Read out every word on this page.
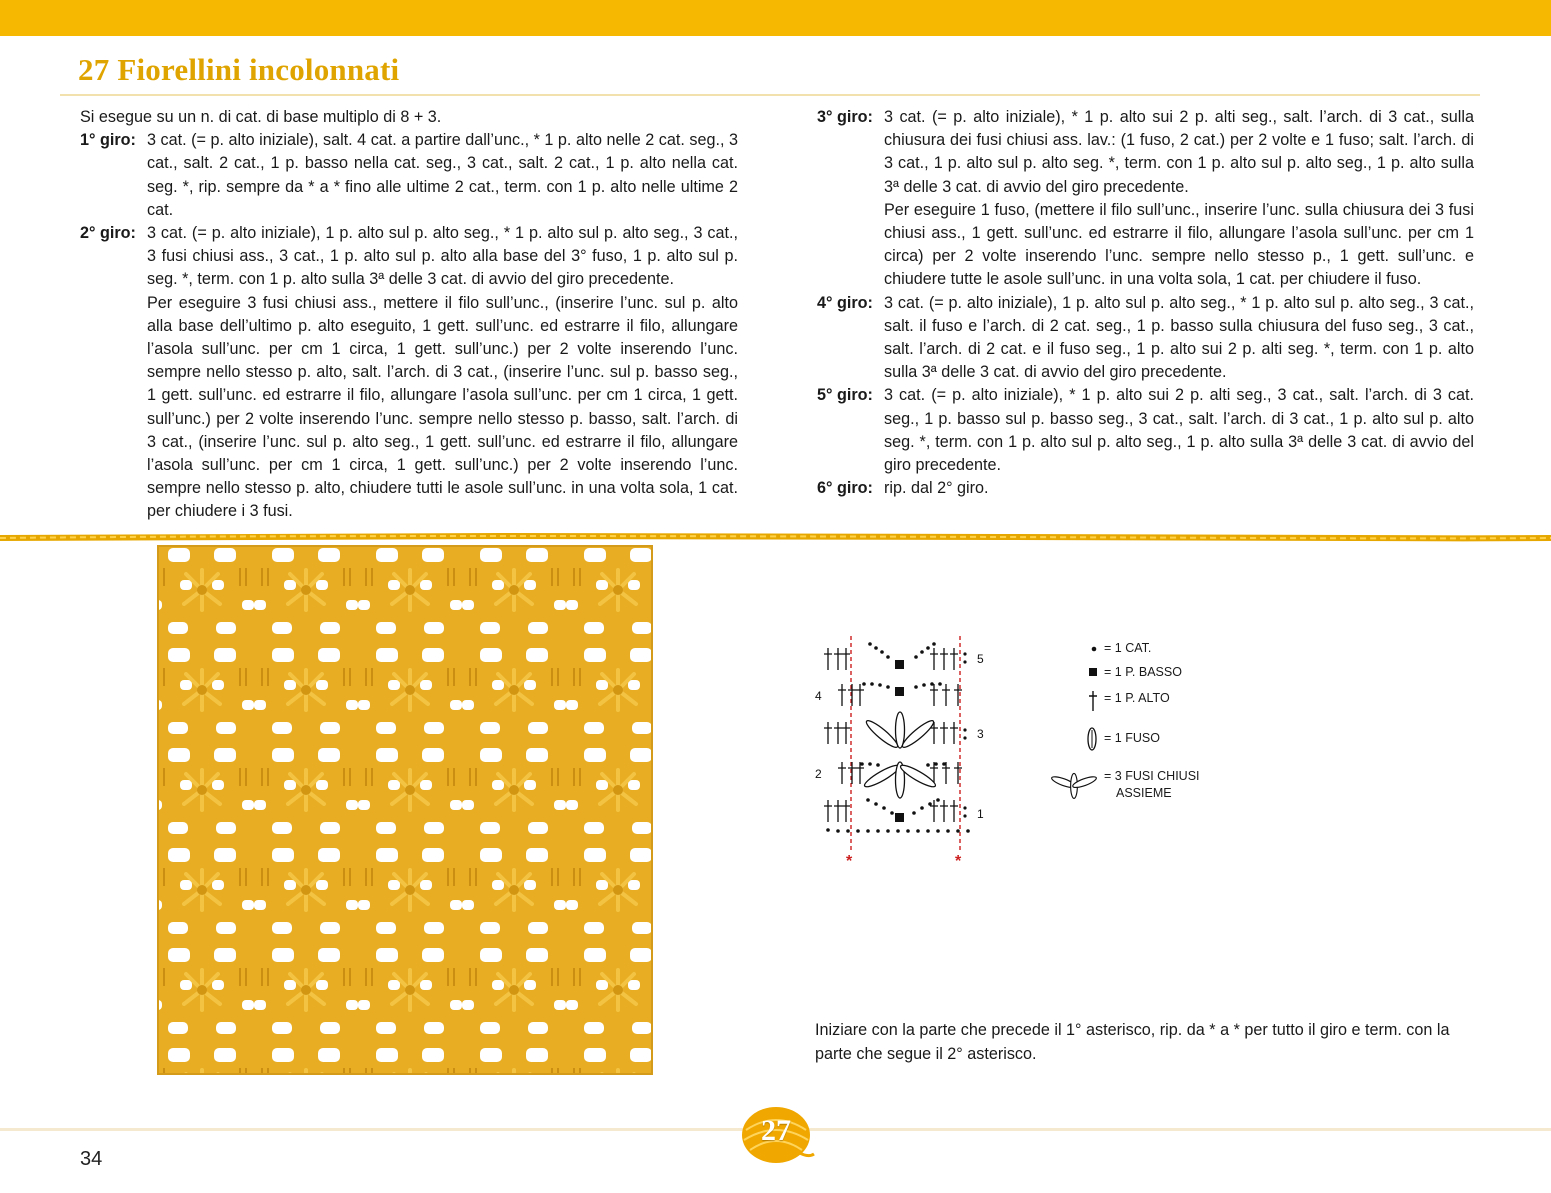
27 Fiorellini incolonnati

Si esegue su un n. di cat. di base multiplo di 8 + 3.

1° giro: 3 cat. (= p. alto iniziale), salt. 4 cat. a partire dall’unc., * 1 p. alto nelle 2 cat. seg., 3 cat., salt. 2 cat., 1 p. basso nella cat. seg., 3 cat., salt. 2 cat., 1 p. alto nella cat. seg. *, rip. sempre da * a * fino alle ultime 2 cat., term. con 1 p. alto nelle ultime 2 cat.

2° giro: 3 cat. (= p. alto iniziale), 1 p. alto sul p. alto seg., * 1 p. alto sul p. alto seg., 3 cat., 3 fusi chiusi ass., 3 cat., 1 p. alto sul p. alto alla base del 3° fuso, 1 p. alto sul p. seg. *, term. con 1 p. alto sulla 3ª delle 3 cat. di avvio del giro precedente.

Per eseguire 3 fusi chiusi ass., mettere il filo sull’unc., (inserire l’unc. sul p. alto alla base dell’ultimo p. alto eseguito, 1 gett. sull’unc. ed estrarre il filo, allungare l’asola sull’unc. per cm 1 circa, 1 gett. sull’unc.) per 2 volte inserendo l’unc. sempre nello stesso p. alto, salt. l’arch. di 3 cat., (inserire l’unc. sul p. basso seg., 1 gett. sull’unc. ed estrarre il filo, allungare l’asola sull’unc. per cm 1 circa, 1 gett. sull’unc.) per 2 volte inserendo l’unc. sempre nello stesso p. basso, salt. l’arch. di 3 cat., (inserire l’unc. sul p. alto seg., 1 gett. sull’unc. ed estrarre il filo, allungare l’asola sull’unc. per cm 1 circa, 1 gett. sull’unc.) per 2 volte inserendo l’unc. sempre nello stesso p. alto, chiudere tutti le asole sull’unc. in una volta sola, 1 cat. per chiudere i 3 fusi.

3° giro: 3 cat. (= p. alto iniziale), * 1 p. alto sui 2 p. alti seg., salt. l’arch. di 3 cat., sulla chiusura dei fusi chiusi ass. lav.: (1 fuso, 2 cat.) per 2 volte e 1 fuso; salt. l’arch. di 3 cat., 1 p. alto sul p. alto seg. *, term. con 1 p. alto sul p. alto seg., 1 p. alto sulla 3ª delle 3 cat. di avvio del giro precedente.

Per eseguire 1 fuso, (mettere il filo sull’unc., inserire l’unc. sulla chiusura dei 3 fusi chiusi ass., 1 gett. sull’unc. ed estrarre il filo, allungare l’asola sull’unc. per cm 1 circa) per 2 volte inserendo l’unc. sempre nello stesso p., 1 gett. sull’unc. e chiudere tutte le asole sull’unc. in una volta sola, 1 cat. per chiudere il fuso.

4° giro: 3 cat. (= p. alto iniziale), 1 p. alto sul p. alto seg., * 1 p. alto sul p. alto seg., 3 cat., salt. il fuso e l’arch. di 2 cat. seg., 1 p. basso sulla chiusura del fuso seg., 3 cat., salt. l’arch. di 2 cat. e il fuso seg., 1 p. alto sui 2 p. alti seg. *, term. con 1 p. alto sulla 3ª delle 3 cat. di avvio del giro precedente.

5° giro: 3 cat. (= p. alto iniziale), * 1 p. alto sui 2 p. alti seg., 3 cat., salt. l’arch. di 3 cat. seg., 1 p. basso sul p. basso seg., 3 cat., salt. l’arch. di 3 cat., 1 p. alto sul p. alto seg. *, term. con 1 p. alto sul p. alto seg., 1 p. alto sulla 3ª delle 3 cat. di avvio del giro precedente.

6° giro: rip. dal 2° giro.

5
4
3
2
1
*	*
= 1 CAT.
= 1 P. BASSO
= 1 P. ALTO
= 1 FUSO
= 3 FUSI CHIUSI
ASSIEME
Iniziare con la parte che precede il 1° asterisco, rip. da * a * per tutto il giro e term. con la parte che segue il 2° asterisco.
34
27
